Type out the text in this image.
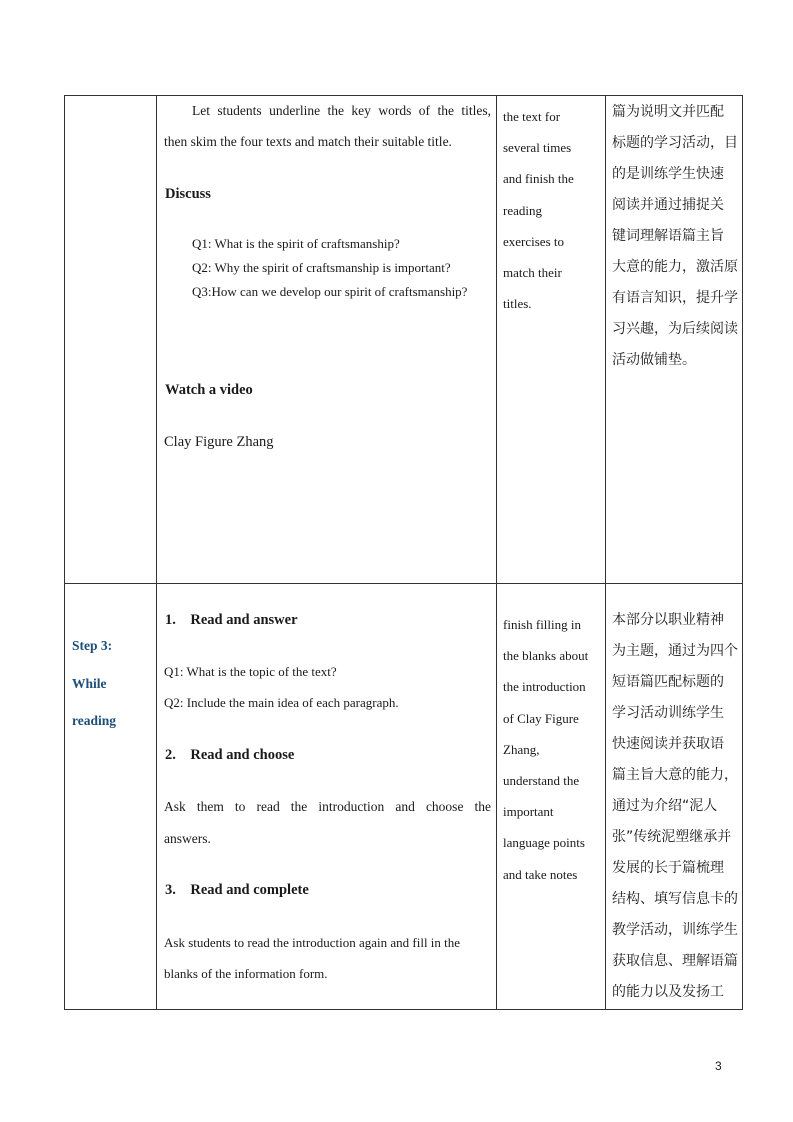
Let students underline the key words of the titles,
then skim the four texts and match their suitable title.
Discuss
Q1: What is the spirit of craftsmanship?
Q2: Why the spirit of craftsmanship is important?
Q3:How can we develop our spirit of craftsmanship?
Watch a video
Clay Figure Zhang
the text for
several times
and finish the
reading
exercises to
match their
titles.
篇为说明文并匹配
标题的学习活动，目
的是训练学生快速
阅读并通过捕捉关
键词理解语篇主旨
大意的能力，激活原
有语言知识，提升学
习兴趣，为后续阅读
活动做铺垫。
Step 3:
While
reading
1.  Read and answer
Q1: What is the topic of the text?
Q2: Include the main idea of each paragraph.
2.  Read and choose
Ask them to read the introduction and choose the
answers.
3.  Read and complete
Ask students to read the introduction again and fill in the
blanks of the information form.
finish filling in
the blanks about
the introduction
of Clay Figure
Zhang,
understand the
important
language points
and take notes
本部分以职业精神
为主题，通过为四个
短语篇匹配标题的
学习活动训练学生
快速阅读并获取语
篇主旨大意的能力，
通过为介绍“泥人
张”传统泥塑继承并
发展的长于篇梳理
结构、填写信息卡的
教学活动，训练学生
获取信息、理解语篇
的能力以及发扬工
3
